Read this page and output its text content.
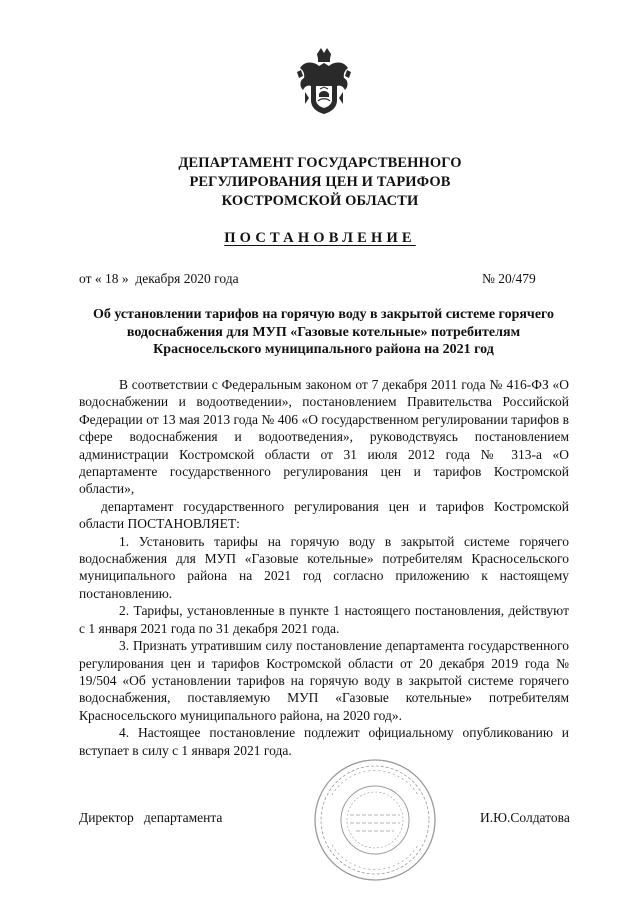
ДЕПАРТАМЕНТ ГОСУДАРСТВЕННОГО
РЕГУЛИРОВАНИЯ ЦЕН И ТАРИФОВ
КОСТРОМСКОЙ ОБЛАСТИ
ПОСТАНОВЛЕНИЕ
от « 18 »  декабря 2020 года	№ 20/479
Об установлении тарифов на горячую воду в закрытой системе горячего водоснабжения для МУП «Газовые котельные» потребителям Красносельского муниципального района на 2021 год

В соответствии с Федеральным законом от 7 декабря 2011 года № 416-ФЗ «О водоснабжении и водоотведении», постановлением Правительства Российской Федерации от 13 мая 2013 года № 406 «О государственном регулировании тарифов в сфере водоснабжения и водоотведения», руководствуясь постановлением администрации Костромской области от 31 июля 2012 года № 313-а «О департаменте государственного регулирования цен и тарифов Костромской области»,

департамент государственного регулирования цен и тарифов Костромской области ПОСТАНОВЛЯЕТ:

1. Установить тарифы на горячую воду в закрытой системе горячего водоснабжения для МУП «Газовые котельные» потребителям Красносельского муниципального района на 2021 год согласно приложению к настоящему постановлению.

2. Тарифы, установленные в пункте 1 настоящего постановления, действуют с 1 января 2021 года по 31 декабря 2021 года.

3. Признать утратившим силу постановление департамента государственного регулирования цен и тарифов Костромской области от 20 декабря 2019 года № 19/504 «Об установлении тарифов на горячую воду в закрытой системе горячего водоснабжения, поставляемую МУП «Газовые котельные» потребителям Красносельского муниципального района, на 2020 год».

4. Настоящее постановление подлежит официальному опубликованию и вступает в силу с 1 января 2021 года.

Директор   департамента	И.Ю.Солдатова
